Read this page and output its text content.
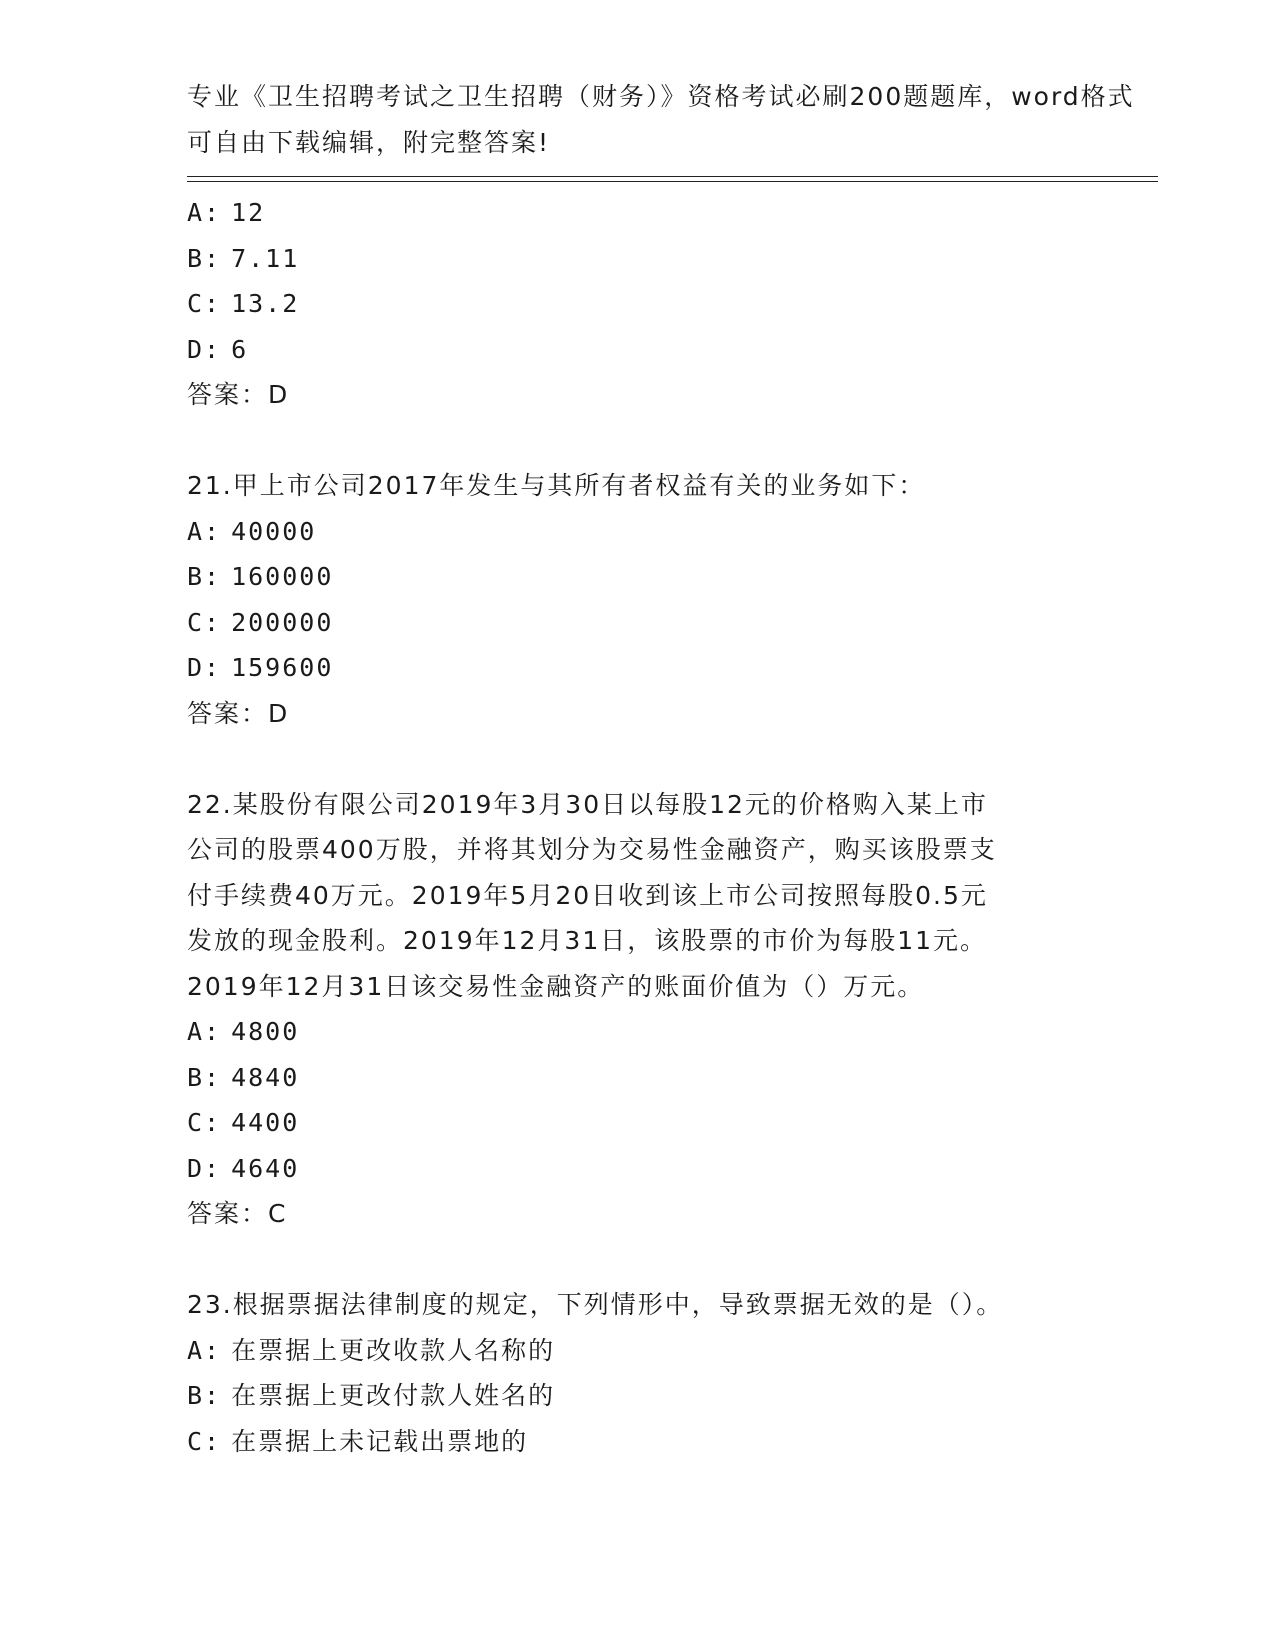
专业《卫生招聘考试之卫生招聘（财务）》资格考试必刷200题题库，word格式
可自由下载编辑，附完整答案!
A: 12
B: 7.11
C: 13.2
D: 6
答案：D
21.甲上市公司2017年发生与其所有者权益有关的业务如下：
A: 40000
B: 160000
C: 200000
D: 159600
答案：D
22.某股份有限公司2019年3月30日以每股12元的价格购入某上市
公司的股票400万股，并将其划分为交易性金融资产，购买该股票支
付手续费40万元。2019年5月20日收到该上市公司按照每股0.5元
发放的现金股利。2019年12月31日，该股票的市价为每股11元。
2019年12月31日该交易性金融资产的账面价值为（）万元。
A: 4800
B: 4840
C: 4400
D: 4640
答案：C
23.根据票据法律制度的规定，下列情形中，导致票据无效的是（）。
A: 在票据上更改收款人名称的
B: 在票据上更改付款人姓名的
C: 在票据上未记载出票地的
